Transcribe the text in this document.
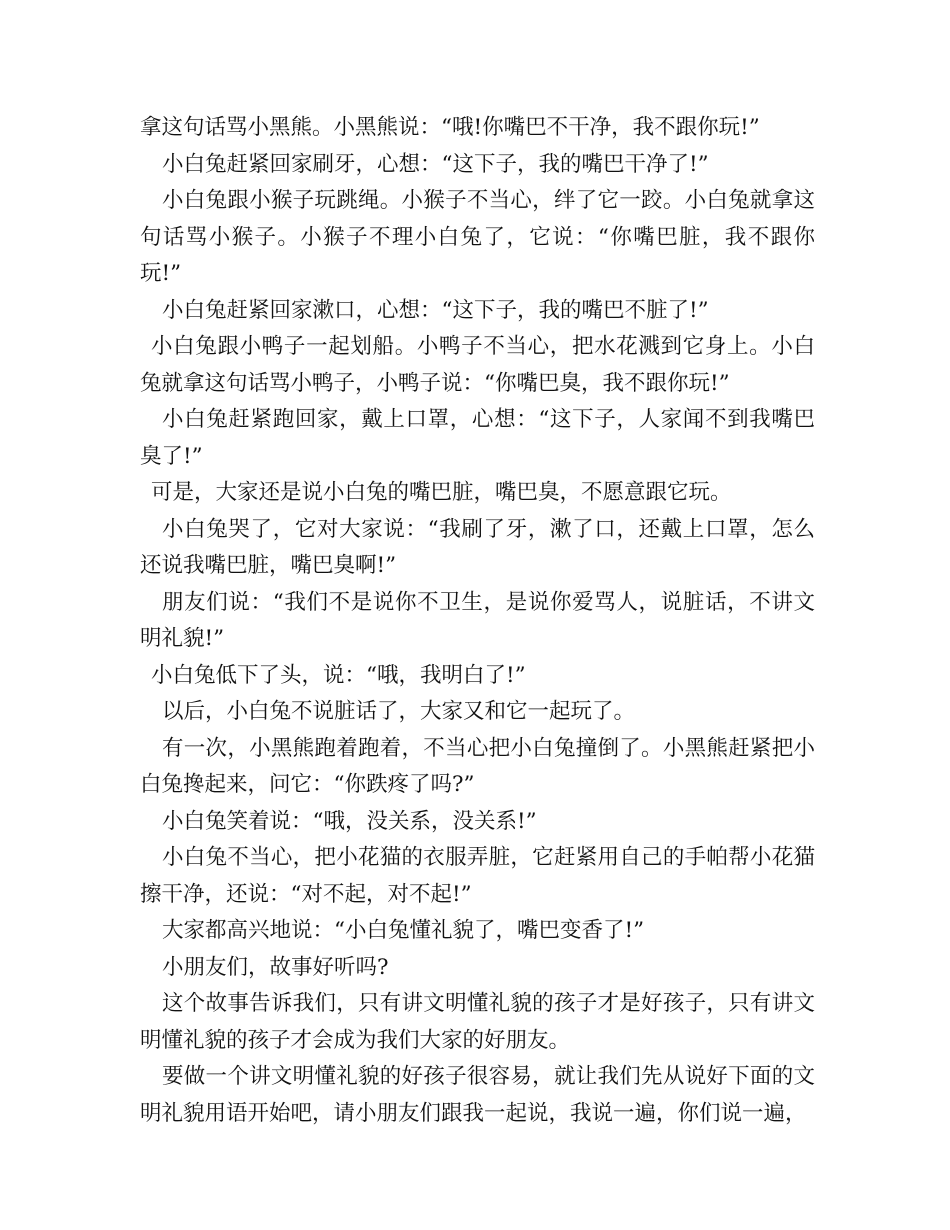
拿这句话骂小黑熊。小黑熊说：“哦!你嘴巴不干净，我不跟你玩!”

小白兔赶紧回家刷牙，心想：“这下子，我的嘴巴干净了!”

小白兔跟小猴子玩跳绳。小猴子不当心，绊了它一跤。小白兔就拿这句话骂小猴子。小猴子不理小白兔了，它说：“你嘴巴脏，我不跟你玩!”

小白兔赶紧回家漱口，心想：“这下子，我的嘴巴不脏了!”

小白兔跟小鸭子一起划船。小鸭子不当心，把水花溅到它身上。小白兔就拿这句话骂小鸭子，小鸭子说：“你嘴巴臭，我不跟你玩!”

小白兔赶紧跑回家，戴上口罩，心想：“这下子，人家闻不到我嘴巴臭了!”

可是，大家还是说小白兔的嘴巴脏，嘴巴臭，不愿意跟它玩。

小白兔哭了，它对大家说：“我刷了牙，漱了口，还戴上口罩，怎么还说我嘴巴脏，嘴巴臭啊!”

朋友们说：“我们不是说你不卫生，是说你爱骂人，说脏话，不讲文明礼貌!”

小白兔低下了头，说：“哦，我明白了!”

以后，小白兔不说脏话了，大家又和它一起玩了。

有一次，小黑熊跑着跑着，不当心把小白兔撞倒了。小黑熊赶紧把小白兔搀起来，问它：“你跌疼了吗?”

小白兔笑着说：“哦，没关系，没关系!”

小白兔不当心，把小花猫的衣服弄脏，它赶紧用自己的手帕帮小花猫擦干净，还说：“对不起，对不起!”

大家都高兴地说：“小白兔懂礼貌了，嘴巴变香了!”

小朋友们，故事好听吗?

这个故事告诉我们，只有讲文明懂礼貌的孩子才是好孩子，只有讲文明懂礼貌的孩子才会成为我们大家的好朋友。

要做一个讲文明懂礼貌的好孩子很容易，就让我们先从说好下面的文明礼貌用语开始吧，请小朋友们跟我一起说，我说一遍，你们说一遍，
